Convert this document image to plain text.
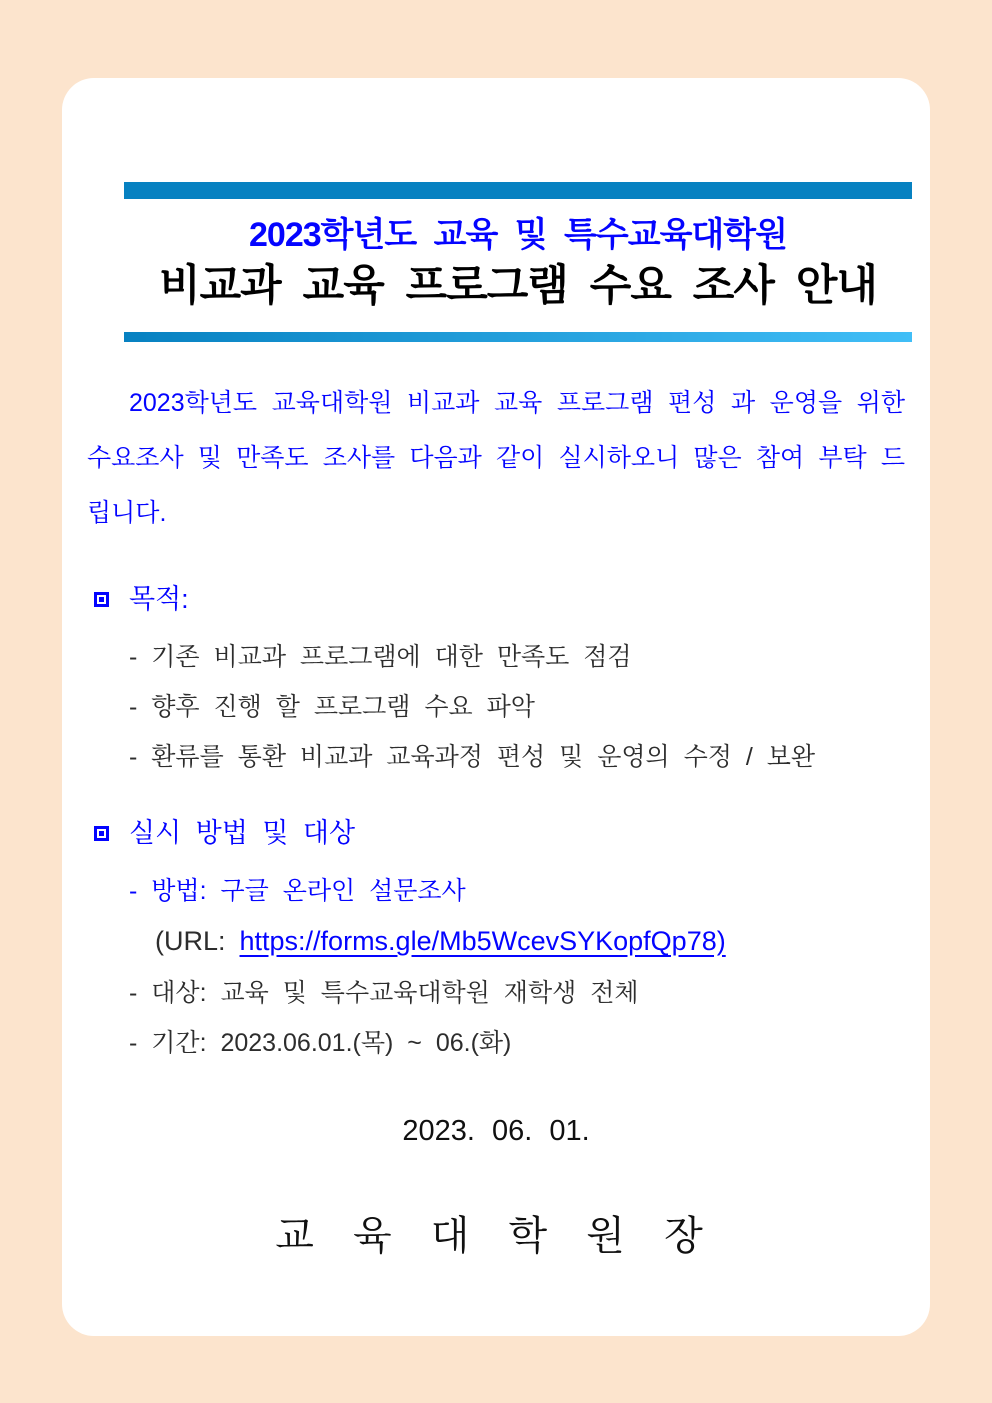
2023학년도 교육 및 특수교육대학원
비교과 교육 프로그램 수요 조사 안내

2023학년도 교육대학원 비교과 교육 프로그램 편성 과 운영을 위한 수요조사 및 만족도 조사를 다음과 같이 실시하오니 많은 참여 부탁 드립니다.

목적:
- 기존 비교과 프로그램에 대한 만족도 점검
- 향후 진행 할 프로그램 수요 파악
- 환류를 통환 비교과 교육과정 편성 및 운영의 수정 / 보완
실시 방법 및 대상
- 방법: 구글 온라인 설문조사
(URL: https://forms.gle/Mb5WcevSYKopfQp78)
- 대상: 교육 및 특수교육대학원 재학생 전체
- 기간: 2023.06.01.(목) ~ 06.(화)
2023. 06. 01.
교 육 대 학 원 장
